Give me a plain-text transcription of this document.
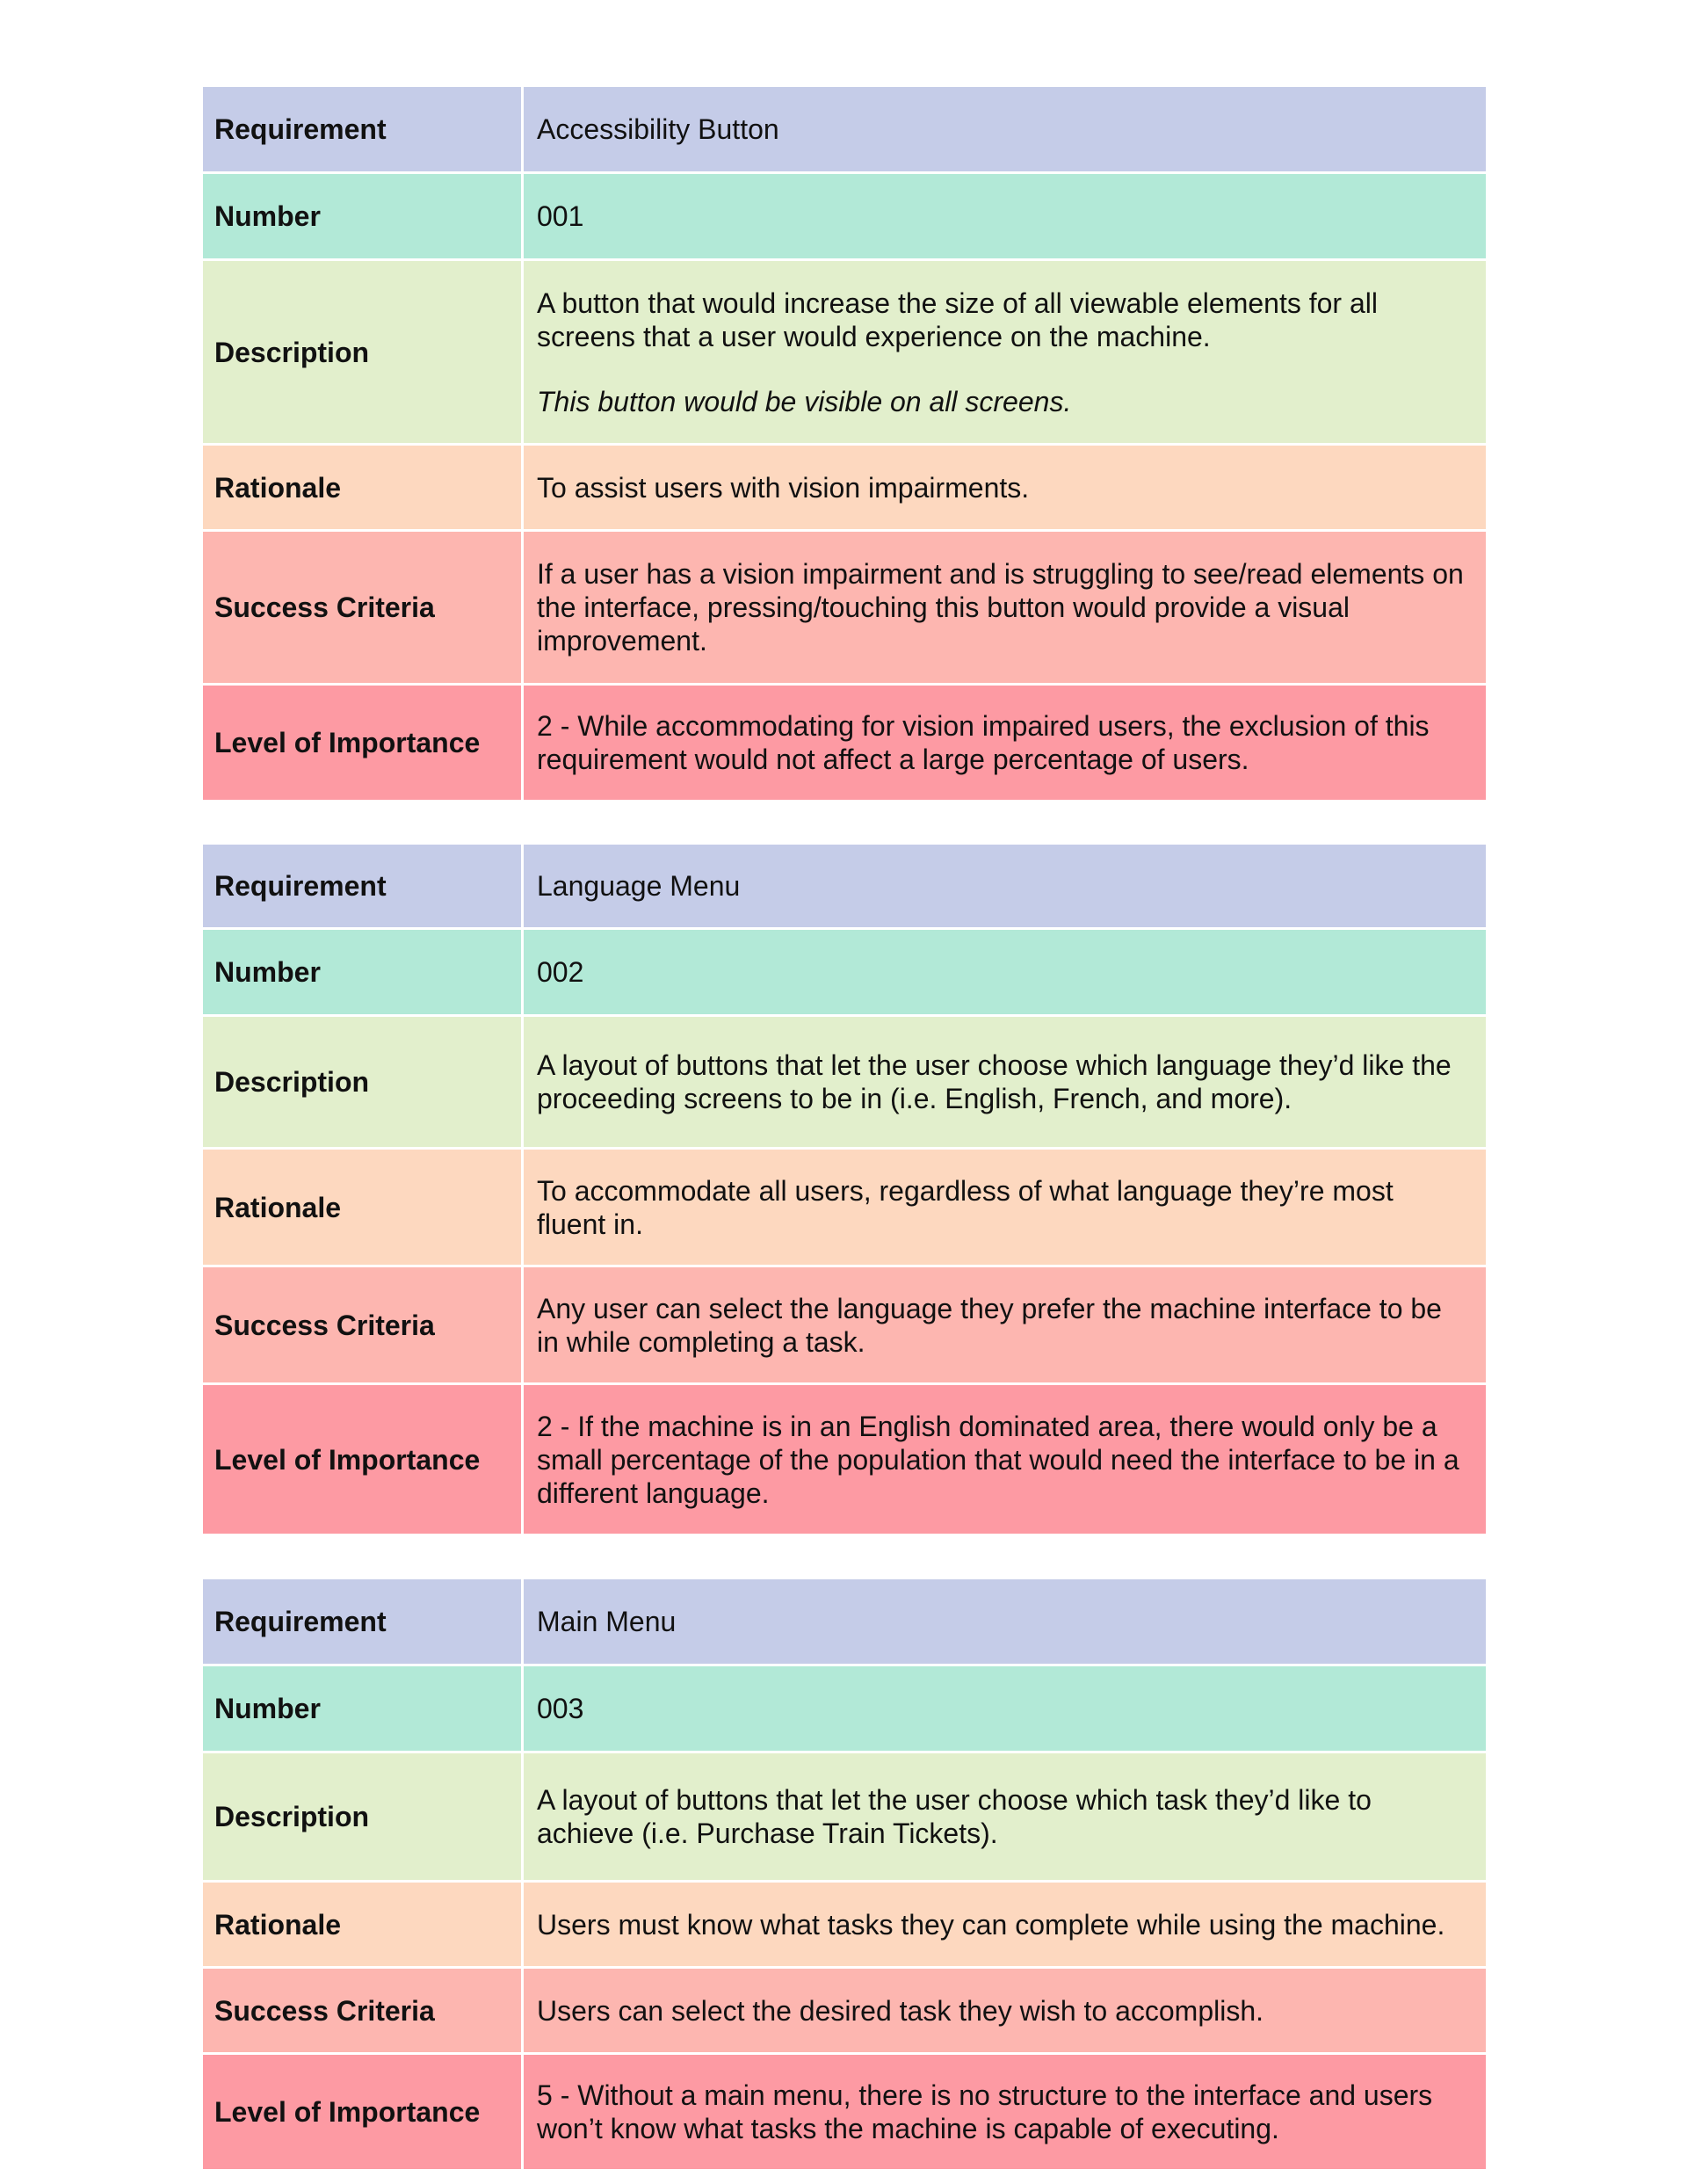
Requirement	Accessibility Button
Number	001
Description	A button that would increase the size of all viewable elements for all screens that a user would experience on the machine.

This button would be visible on all screens.

Rationale	To assist users with vision impairments.
Success Criteria	If a user has a vision impairment and is struggling to see/read elements on the interface, pressing/touching this button would provide a visual improvement.
Level of Importance	2 - While accommodating for vision impaired users, the exclusion of this requirement would not affect a large percentage of users.
Requirement	Language Menu
Number	002
Description	A layout of buttons that let the user choose which language they’d like the proceeding screens to be in (i.e. English, French, and more).
Rationale	To accommodate all users, regardless of what language they’re most fluent in.
Success Criteria	Any user can select the language they prefer the machine interface to be in while completing a task.
Level of Importance	2 - If the machine is in an English dominated area, there would only be a small percentage of the population that would need the interface to be in a different language.
Requirement	Main Menu
Number	003
Description	A layout of buttons that let the user choose which task they’d like to achieve (i.e. Purchase Train Tickets).
Rationale	Users must know what tasks they can complete while using the machine.
Success Criteria	Users can select the desired task they wish to accomplish.
Level of Importance	5 - Without a main menu, there is no structure to the interface and users won’t know what tasks the machine is capable of executing.
